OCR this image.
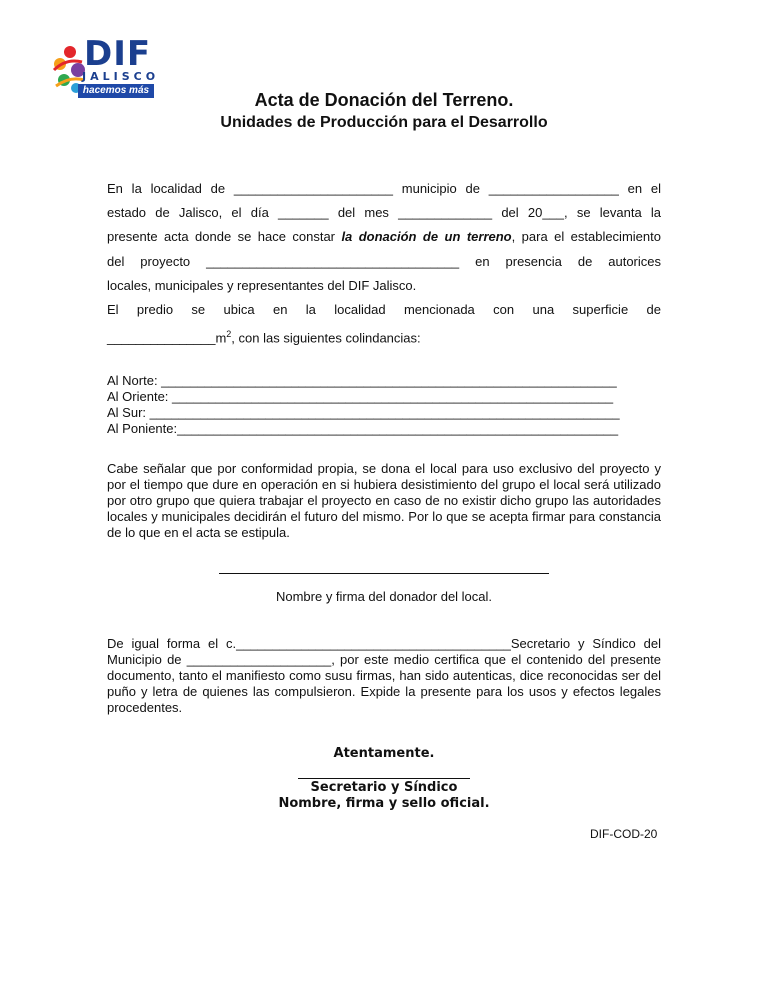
DIF
JALISCO
hacemos más	Acta de Donación del Terreno.
Unidades de Producción para el Desarrollo
En la localidad de ______________________ municipio de __________________ en el
estado de Jalisco, el día _______ del mes _____________ del 20___, se levanta la
presente acta donde se hace constar la donación de un terreno, para el establecimiento
del proyecto ___________________________________ en presencia de autorices
locales, municipales y representantes del DIF Jalisco.
El predio se ubica en la localidad mencionada con una superficie de
$\_\_\_\_\_\_\_\_\_\_\_\_\_\_\_m^2$, con las siguientes colindancias:
Al Norte: _______________________________________________________________
Al Oriente: _____________________________________________________________
Al Sur: _________________________________________________________________
Al Poniente:_____________________________________________________________
Cabe señalar que por conformidad propia, se dona el local para uso exclusivo del proyecto y por el tiempo que dure en operación en si hubiera desistimiento del grupo el local será utilizado por otro grupo que quiera trabajar el proyecto en caso de no existir dicho grupo las autoridades locales y municipales decidirán el futuro del mismo. Por lo que se acepta firmar para constancia de lo que en el acta se estipula.
Nombre y firma del donador del local.
De igual forma el c.______________________________________Secretario y Síndico del Municipio de ____________________, por este medio certifica que el contenido del presente documento, tanto el manifiesto como susu firmas, han sido autenticas, dice reconocidas ser del puño y letra de quienes las compulsieron. Expide la presente para los usos y efectos legales procedentes.
Atentamente.
Secretario y Síndico
Nombre, firma y sello oficial.
DIF-COD-20
